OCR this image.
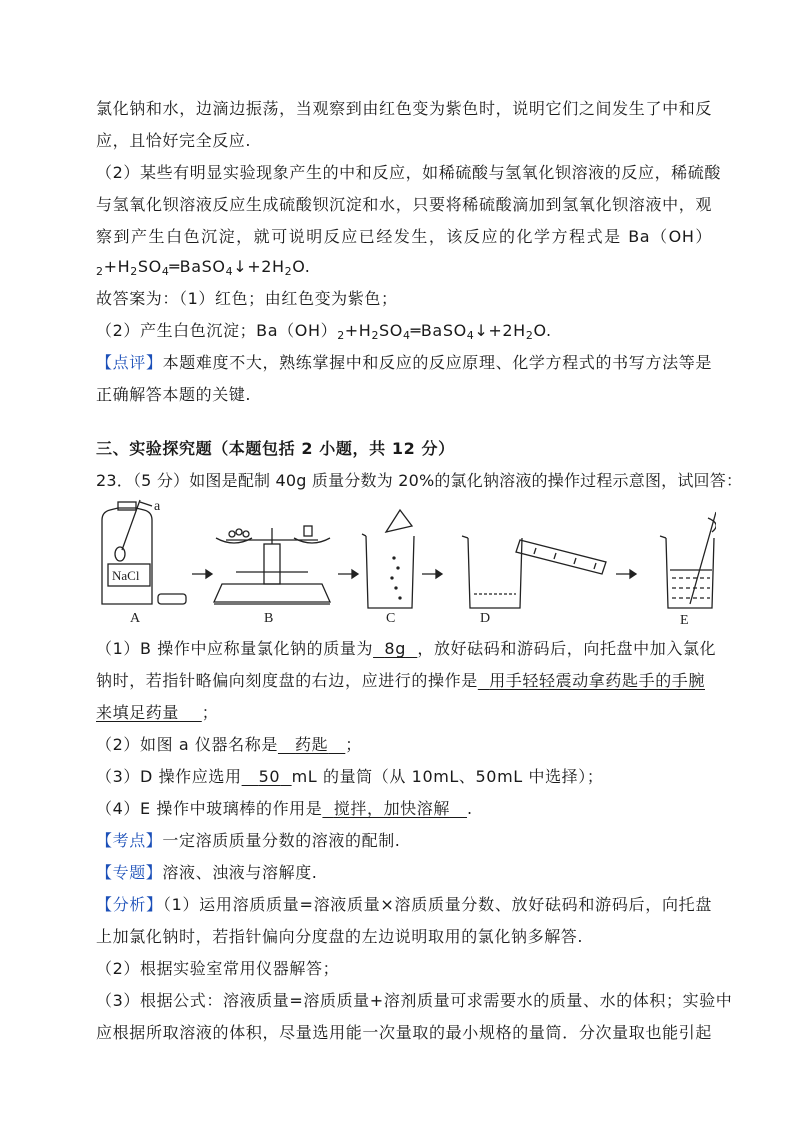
氯化钠和水，边滴边振荡，当观察到由红色变为紫色时，说明它们之间发生了中和反
应，且恰好完全反应.
（2）某些有明显实验现象产生的中和反应，如稀硫酸与氢氧化钡溶液的反应，稀硫酸
与氢氧化钡溶液反应生成硫酸钡沉淀和水，只要将稀硫酸滴加到氢氧化钡溶液中，观
察到产生白色沉淀，就可说明反应已经发生，该反应的化学方程式是 Ba（OH）
$_2+H_2SO_4═BaSO_4↓+2H_2O$.
故答案为：（1）红色；由红色变为紫色；
（2）产生白色沉淀；$Ba(OH)_2+H_2SO_4═BaSO_4↓+2H_2O$.
【点评】本题难度不大，熟练掌握中和反应的反应原理、化学方程式的书写方法等是
正确解答本题的关键.
三、实验探究题（本题包括 2 小题，共 12 分）
23．（5 分）如图是配制 40g 质量分数为 20%的氯化钠溶液的操作过程示意图，试回答：
NaCl
a
A	B	C	D	E
（1）B 操作中应称量氯化钠的质量为 8g ，放好砝码和游码后，向托盘中加入氯化
钠时，若指针略偏向刻度盘的右边，应进行的操作是 用手轻轻震动拿药匙手的手腕
来填足药量 ；
（2）如图 a 仪器名称是 药匙 ；
（3）D 操作应选用 50 mL 的量筒（从 10mL、50mL 中选择）；
（4）E 操作中玻璃棒的作用是 搅拌，加快溶解 .
【考点】一定溶质质量分数的溶液的配制.
【专题】溶液、浊液与溶解度.
【分析】（1）运用溶质质量=溶液质量×溶质质量分数、放好砝码和游码后，向托盘
上加氯化钠时，若指针偏向分度盘的左边说明取用的氯化钠多解答.
（2）根据实验室常用仪器解答；
（3）根据公式：溶液质量=溶质质量+溶剂质量可求需要水的质量、水的体积；实验中
应根据所取溶液的体积，尽量选用能一次量取的最小规格的量筒．分次量取也能引起
